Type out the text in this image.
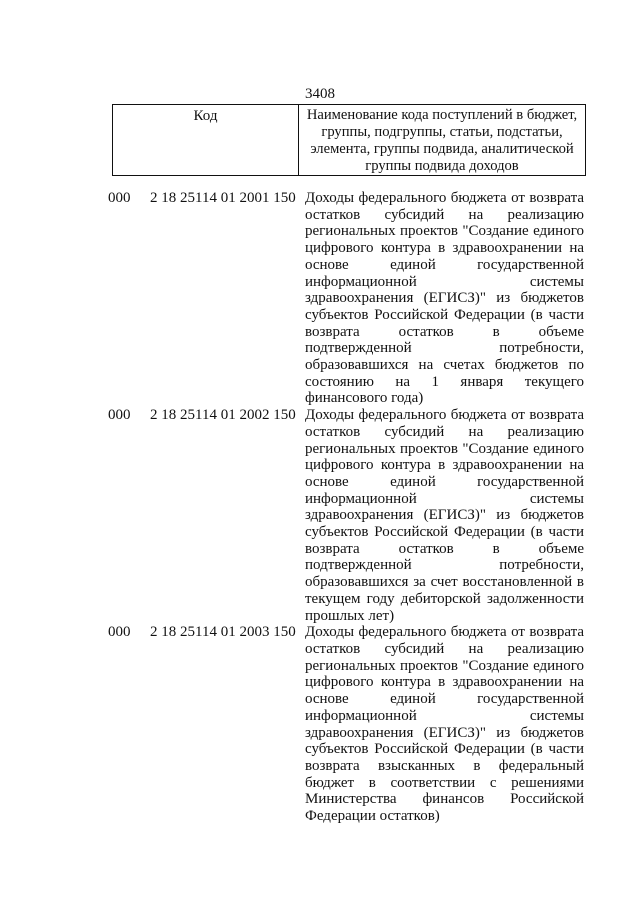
3408
Код	Наименование кода поступлений в бюджет, группы, подгруппы, статьи, подстатьи, элемента, группы подвида, аналитической группы подвида доходов
000 2 18 25114 01 2001 150 Доходы федерального бюджета от возврата остатков субсидий на реализацию региональных проектов "Создание единого цифрового контура в здравоохранении на основе единой государственной информационной системы здравоохранения (ЕГИСЗ)" из бюджетов субъектов Российской Федерации (в части возврата остатков в объеме подтвержденной потребности, образовавшихся на счетах бюджетов по состоянию на 1 января текущего финансового года)
000 2 18 25114 01 2002 150 Доходы федерального бюджета от возврата остатков субсидий на реализацию региональных проектов "Создание единого цифрового контура в здравоохранении на основе единой государственной информационной системы здравоохранения (ЕГИСЗ)" из бюджетов субъектов Российской Федерации (в части возврата остатков в объеме подтвержденной потребности, образовавшихся за счет восстановленной в текущем году дебиторской задолженности прошлых лет)
000 2 18 25114 01 2003 150 Доходы федерального бюджета от возврата остатков субсидий на реализацию региональных проектов "Создание единого цифрового контура в здравоохранении на основе единой государственной информационной системы здравоохранения (ЕГИСЗ)" из бюджетов субъектов Российской Федерации (в части возврата взысканных в федеральный бюджет в соответствии с решениями Министерства финансов Российской Федерации остатков)
